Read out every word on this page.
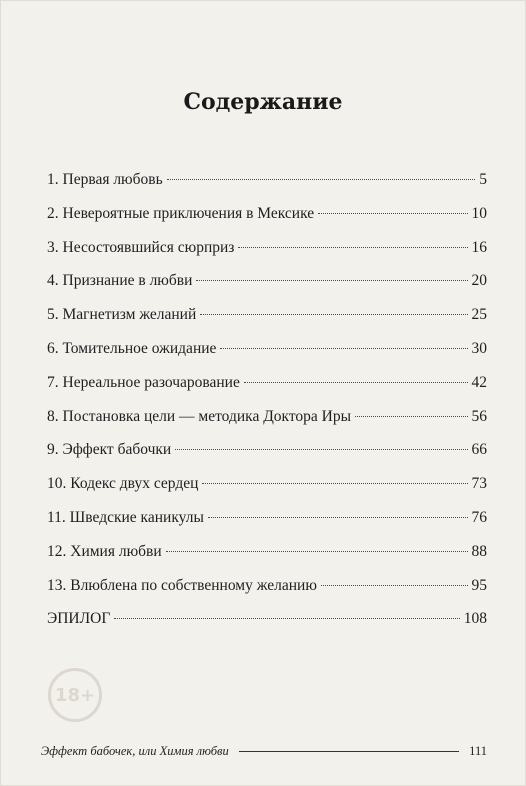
Содержание
1. Первая любовь	5
2. Невероятные приключения в Мексике	10
3. Несостоявшийся сюрприз	16
4. Признание в любви	20
5. Магнетизм желаний	25
6. Томительное ожидание	30
7. Нереальное разочарование	42
8. Постановка цели — методика Доктора Иры	56
9. Эффект бабочки	66
10. Кодекс двух сердец	73
11. Шведские каникулы	76
12. Химия любви	88
13. Влюблена по собственному желанию	95
ЭПИЛОГ	108
18+
Эффект бабочек, или Химия любви	111
